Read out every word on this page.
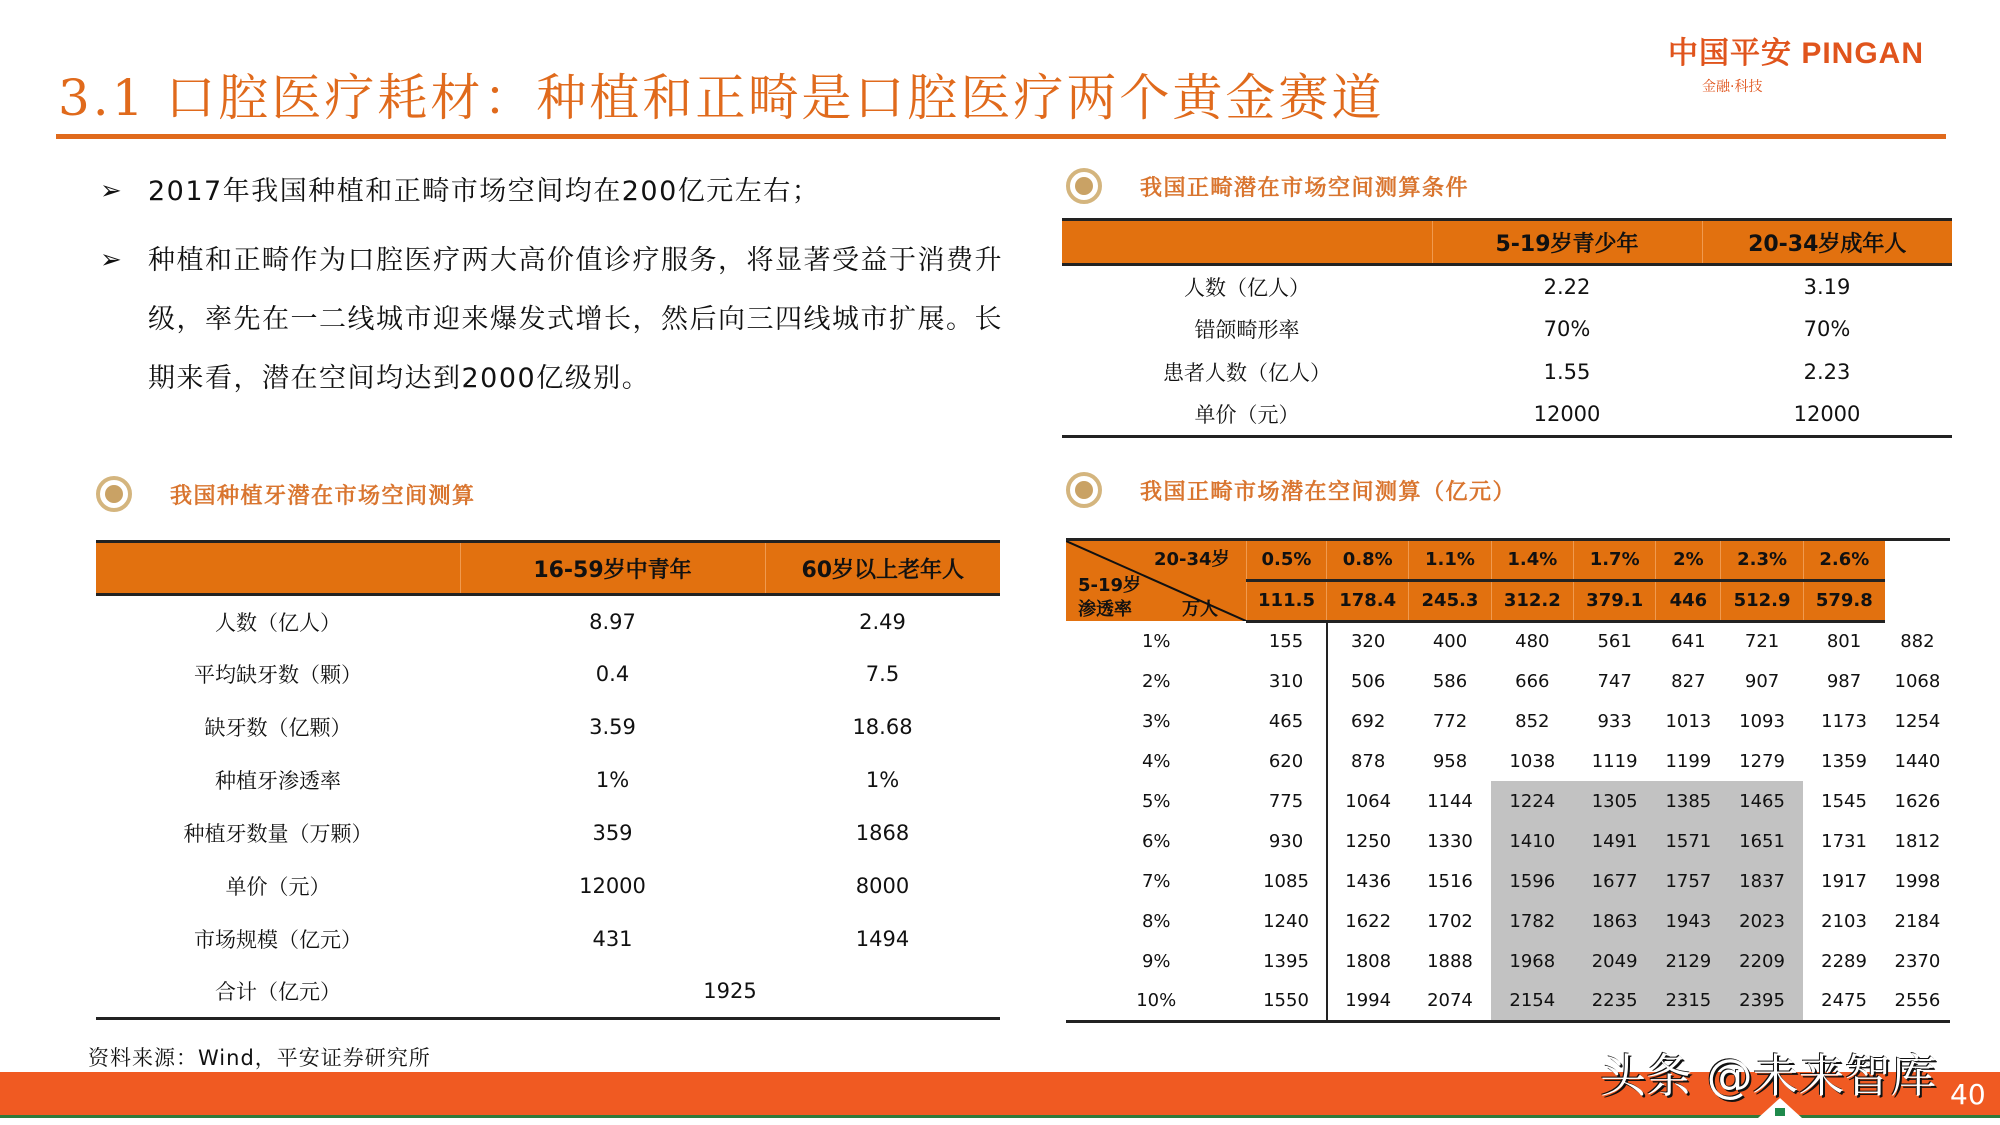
3.1 口腔医疗耗材：种植和正畸是口腔医疗两个黄金赛道
中国平安 PINGAN
金融·科技
➢ 2017年我国种植和正畸市场空间均在200亿元左右；
➢ 种植和正畸作为口腔医疗两大高价值诊疗服务，将显著受益于消费升级，率先在一二线城市迎来爆发式增长，然后向三四线城市扩展。长期来看，潜在空间均达到2000亿级别。
我国正畸潜在市场空间测算条件
	5-19岁青少年	20-34岁成年人
人数（亿人）	2.22	3.19
错颌畸形率	70%	70%
患者人数（亿人）	1.55	2.23
单价（元）	12000	12000
我国种植牙潜在市场空间测算
	16-59岁中青年	60岁以上老年人
人数（亿人）	8.97	2.49
平均缺牙数（颗）	0.4	7.5
缺牙数（亿颗）	3.59	18.68
种植牙渗透率	1%	1%
种植牙数量（万颗）	359	1868
单价（元）	12000	8000
市场规模（亿元）	431	1494
合计（亿元）	1925	
我国正畸市场潜在空间测算（亿元）
20-34岁
5-19岁
渗透率 万人	0.5%	0.8%	1.1%	1.4%	1.7%	2%	2.3%	2.6%	
	111.5	178.4	245.3	312.2	379.1	446	512.9	579.8	
1%	155	320	400	480	561	641	721	801	882
2%	310	506	586	666	747	827	907	987	1068
3%	465	692	772	852	933	1013	1093	1173	1254
4%	620	878	958	1038	1119	1199	1279	1359	1440
5%	775	1064	1144	1224	1305	1385	1465	1545	1626
6%	930	1250	1330	1410	1491	1571	1651	1731	1812
7%	1085	1436	1516	1596	1677	1757	1837	1917	1998
8%	1240	1622	1702	1782	1863	1943	2023	2103	2184
9%	1395	1808	1888	1968	2049	2129	2209	2289	2370
10%	1550	1994	2074	2154	2235	2315	2395	2475	2556
资料来源：Wind，平安证券研究所	头条 @未来智库 40
